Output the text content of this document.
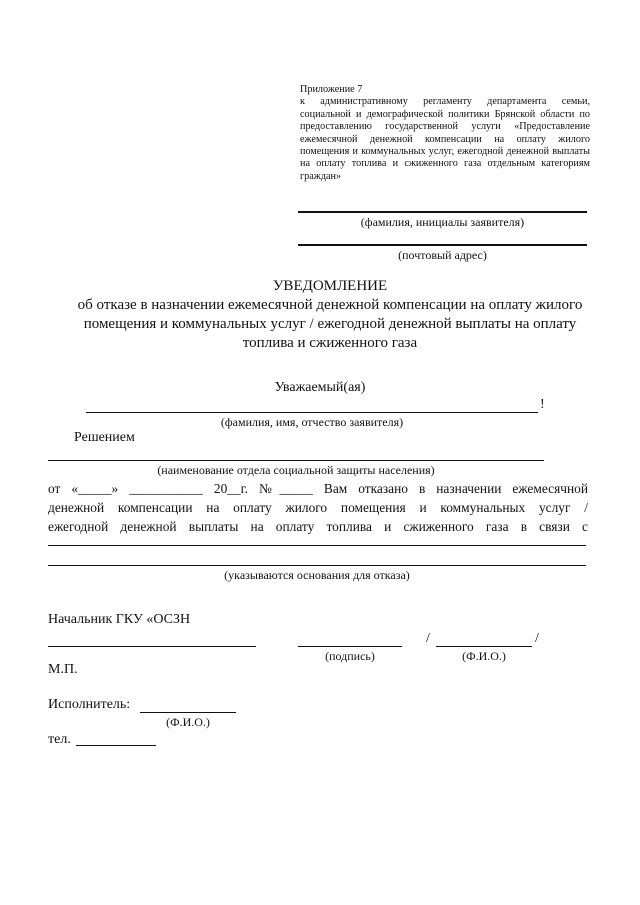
Приложение 7
к административному регламенту департамента семьи, социальной и демографической политики Брянской области по предоставлению государственной услуги «Предоставление ежемесячной денежной компенсации на оплату жилого помещения и коммунальных услуг, ежегодной денежной выплаты на оплату топлива и сжиженного газа отдельным категориям граждан»
(фамилия, инициалы заявителя)
(почтовый адрес)
УВЕДОМЛЕНИЕ
об отказе в назначении ежемесячной денежной компенсации на оплату жилого
помещения и коммунальных услуг / ежегодной денежной выплаты на оплату
топлива и сжиженного газа
Уважаемый(ая)
!
(фамилия, имя, отчество заявителя)
Решением
(наименование отдела социальной защиты населения)
от «_____» ___________ 20__г. №_____ Вам отказано в назначении ежемесячной
денежной компенсации на оплату жилого помещения и коммунальных услуг /
ежегодной денежной выплаты на оплату топлива и сжиженного газа в связи с
(указываются основания для отказа)
Начальник ГКУ «ОСЗН
(подпись)
/	/
(Ф.И.О.)
М.П.
Исполнитель:
(Ф.И.О.)
тел.
